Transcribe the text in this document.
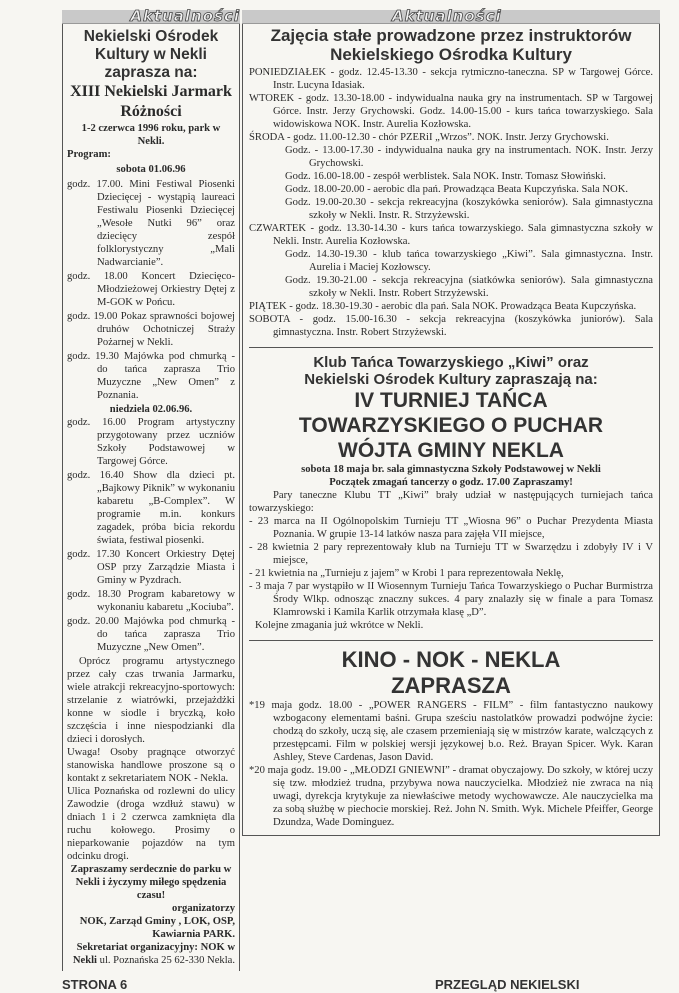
Aktualności	Aktualności
Nekielski Ośrodek
Kultury w Nekli
zaprasza na:
XIII Nekielski Jarmark
Różności

1-2 czerwca 1996 roku, park w Nekli.

Program:

sobota 01.06.96

godz. 17.00. Mini Festiwal Piosenki Dziecięcej - wystąpią laureaci Festiwalu Piosenki Dziecięcej „Wesołe Nutki 96” oraz dziecięcy zespół folklorystyczny „Mali Nadwarcianie”.

godz. 18.00 Koncert Dziecięco-Młodzieżowej Orkiestry Dętej z M-GOK w Pońcu.

godz. 19.00 Pokaz sprawności bojowej druhów Ochotniczej Straży Pożarnej w Nekli.

godz. 19.30 Majówka pod chmurką - do tańca zaprasza Trio Muzyczne „New Omen” z Poznania.

niedziela 02.06.96.

godz. 16.00 Program artystyczny przygotowany przez uczniów Szkoły Podstawowej w Targowej Górce.

godz. 16.40 Show dla dzieci pt. „Bajkowy Piknik” w wykonaniu kabaretu „B-Complex”. W programie m.in. konkurs zagadek, próba bicia rekordu świata, festiwal piosenki.

godz. 17.30 Koncert Orkiestry Dętej OSP przy Zarządzie Miasta i Gminy w Pyzdrach.

godz. 18.30 Program kabaretowy w wykonaniu kabaretu „Kociuba”.

godz. 20.00 Majówka pod chmurką - do tańca zaprasza Trio Muzyczne „New Omen”.

Oprócz programu artystycznego przez cały czas trwania Jarmarku, wiele atrakcji rekreacyjno-sportowych: strzelanie z wiatrówki, przejażdżki konne w siodle i bryczką, koło szczęścia i inne niespodzianki dla dzieci i dorosłych.

Uwaga! Osoby pragnące otworzyć stanowiska handlowe proszone są o kontakt z sekretariatem NOK - Nekla.

Ulica Poznańska od rozlewni do ulicy Zawodzie (droga wzdłuż stawu) w dniach 1 i 2 czerwca zamknięta dla ruchu kołowego. Prosimy o nieparkowanie pojazdów na tym odcinku drogi.

Zapraszamy serdecznie do parku w Nekli i życzymy miłego spędzenia czasu!

organizatorzy

NOK, Zarząd Gminy , LOK, OSP, Kawiarnia PARK.

Sekretariat organizacyjny: NOK w Nekli ul. Poznańska 25 62-330 Nekla.

Zajęcia stałe prowadzone przez instruktorów Nekielskiego Ośrodka Kultury

PONIEDZIAŁEK - godz. 12.45-13.30 - sekcja rytmiczno-taneczna. SP w Targowej Górce. Instr. Lucyna Idasiak.

WTOREK - godz. 13.30-18.00 - indywidualna nauka gry na instrumentach. SP w Targowej Górce. Instr. Jerzy Grychowski. Godz. 14.00-15.00 - kurs tańca towarzyskiego. Sala widowiskowa NOK. Instr. Aurelia Kozłowska.

ŚRODA - godz. 11.00-12.30 - chór PZERiI „Wrzos”. NOK. Instr. Jerzy Grychowski.

Godz. - 13.00-17.30 - indywidualna nauka gry na instrumentach. NOK. Instr. Jerzy Grychowski.

Godz. 16.00-18.00 - zespół werblistek. Sala NOK. Instr. Tomasz Słowiński.

Godz. 18.00-20.00 - aerobic dla pań. Prowadząca Beata Kupczyńska. Sala NOK.

Godz. 19.00-20.30 - sekcja rekreacyjna (koszykówka seniorów). Sala gimnastyczna szkoły w Nekli. Instr. R. Strzyżewski.

CZWARTEK - godz. 13.30-14.30 - kurs tańca towarzyskiego. Sala gimnastyczna szkoły w Nekli. Instr. Aurelia Kozłowska.

Godz. 14.30-19.30 - klub tańca towarzyskiego „Kiwi”. Sala gimnastyczna. Instr. Aurelia i Maciej Kozłowscy.

Godz. 19.30-21.00 - sekcja rekreacyjna (siatkówka seniorów). Sala gimnastyczna szkoły w Nekli. Instr. Robert Strzyżewski.

PIĄTEK - godz. 18.30-19.30 - aerobic dla pań. Sala NOK. Prowadząca Beata Kupczyńska.

SOBOTA - godz. 15.00-16.30 - sekcja rekreacyjna (koszykówka juniorów). Sala gimnastyczna. Instr. Robert Strzyżewski.

Klub Tańca Towarzyskiego „Kiwi” oraz
Nekielski Ośrodek Kultury zapraszają na:
IV TURNIEJ TAŃCA
TOWARZYSKIEGO O PUCHAR
WÓJTA GMINY NEKLA

sobota 18 maja br. sala gimnastyczna Szkoły Podstawowej w Nekli

Początek zmagań tancerzy o godz. 17.00 Zapraszamy!

Pary taneczne Klubu TT „Kiwi” brały udział w następujących turniejach tańca towarzyskiego:

- 23 marca na II Ogólnopolskim Turnieju TT „Wiosna 96” o Puchar Prezydenta Miasta Poznania. W grupie 13-14 latków nasza para zajęła VII miejsce,

- 28 kwietnia 2 pary reprezentowały klub na Turnieju TT w Swarzędzu i zdobyły IV i V miejsce,

- 21 kwietnia na „Turnieju z jajem” w Krobi 1 para reprezentowała Neklę,

- 3 maja 7 par wystąpiło w II Wiosennym Turnieju Tańca Towarzyskiego o Puchar Burmistrza Środy Wlkp. odnosząc znaczny sukces. 4 pary znalazły się w finale a para Tomasz Klamrowski i Kamila Karlik otrzymała klasę „D”.

Kolejne zmagania już wkrótce w Nekli.

KINO - NOK - NEKLA
ZAPRASZA

*19 maja godz. 18.00 - „POWER RANGERS - FILM” - film fantastyczno naukowy wzbogacony elementami baśni. Grupa sześciu nastolatków prowadzi podwójne życie: chodzą do szkoły, uczą się, ale czasem przemieniają się w mistrzów karate, walczących z przestępcami. Film w polskiej wersji językowej b.o. Reż. Brayan Spicer. Wyk. Karan Ashley, Steve Cardenas, Jason David.

*20 maja godz. 19.00 - „MŁODZI GNIEWNI” - dramat obyczajowy. Do szkoły, w której uczy się tzw. młodzież trudna, przybywa nowa nauczycielka. Młodzież nie zwraca na nią uwagi, dyrekcja krytykuje za niewłaściwe metody wychowawcze. Ale nauczycielka ma za sobą służbę w piechocie morskiej. Reż. John N. Smith. Wyk. Michele Pfeiffer, George Dzundza, Wade Dominguez.

STRONA 6	PRZEGLĄD NEKIELSKI
